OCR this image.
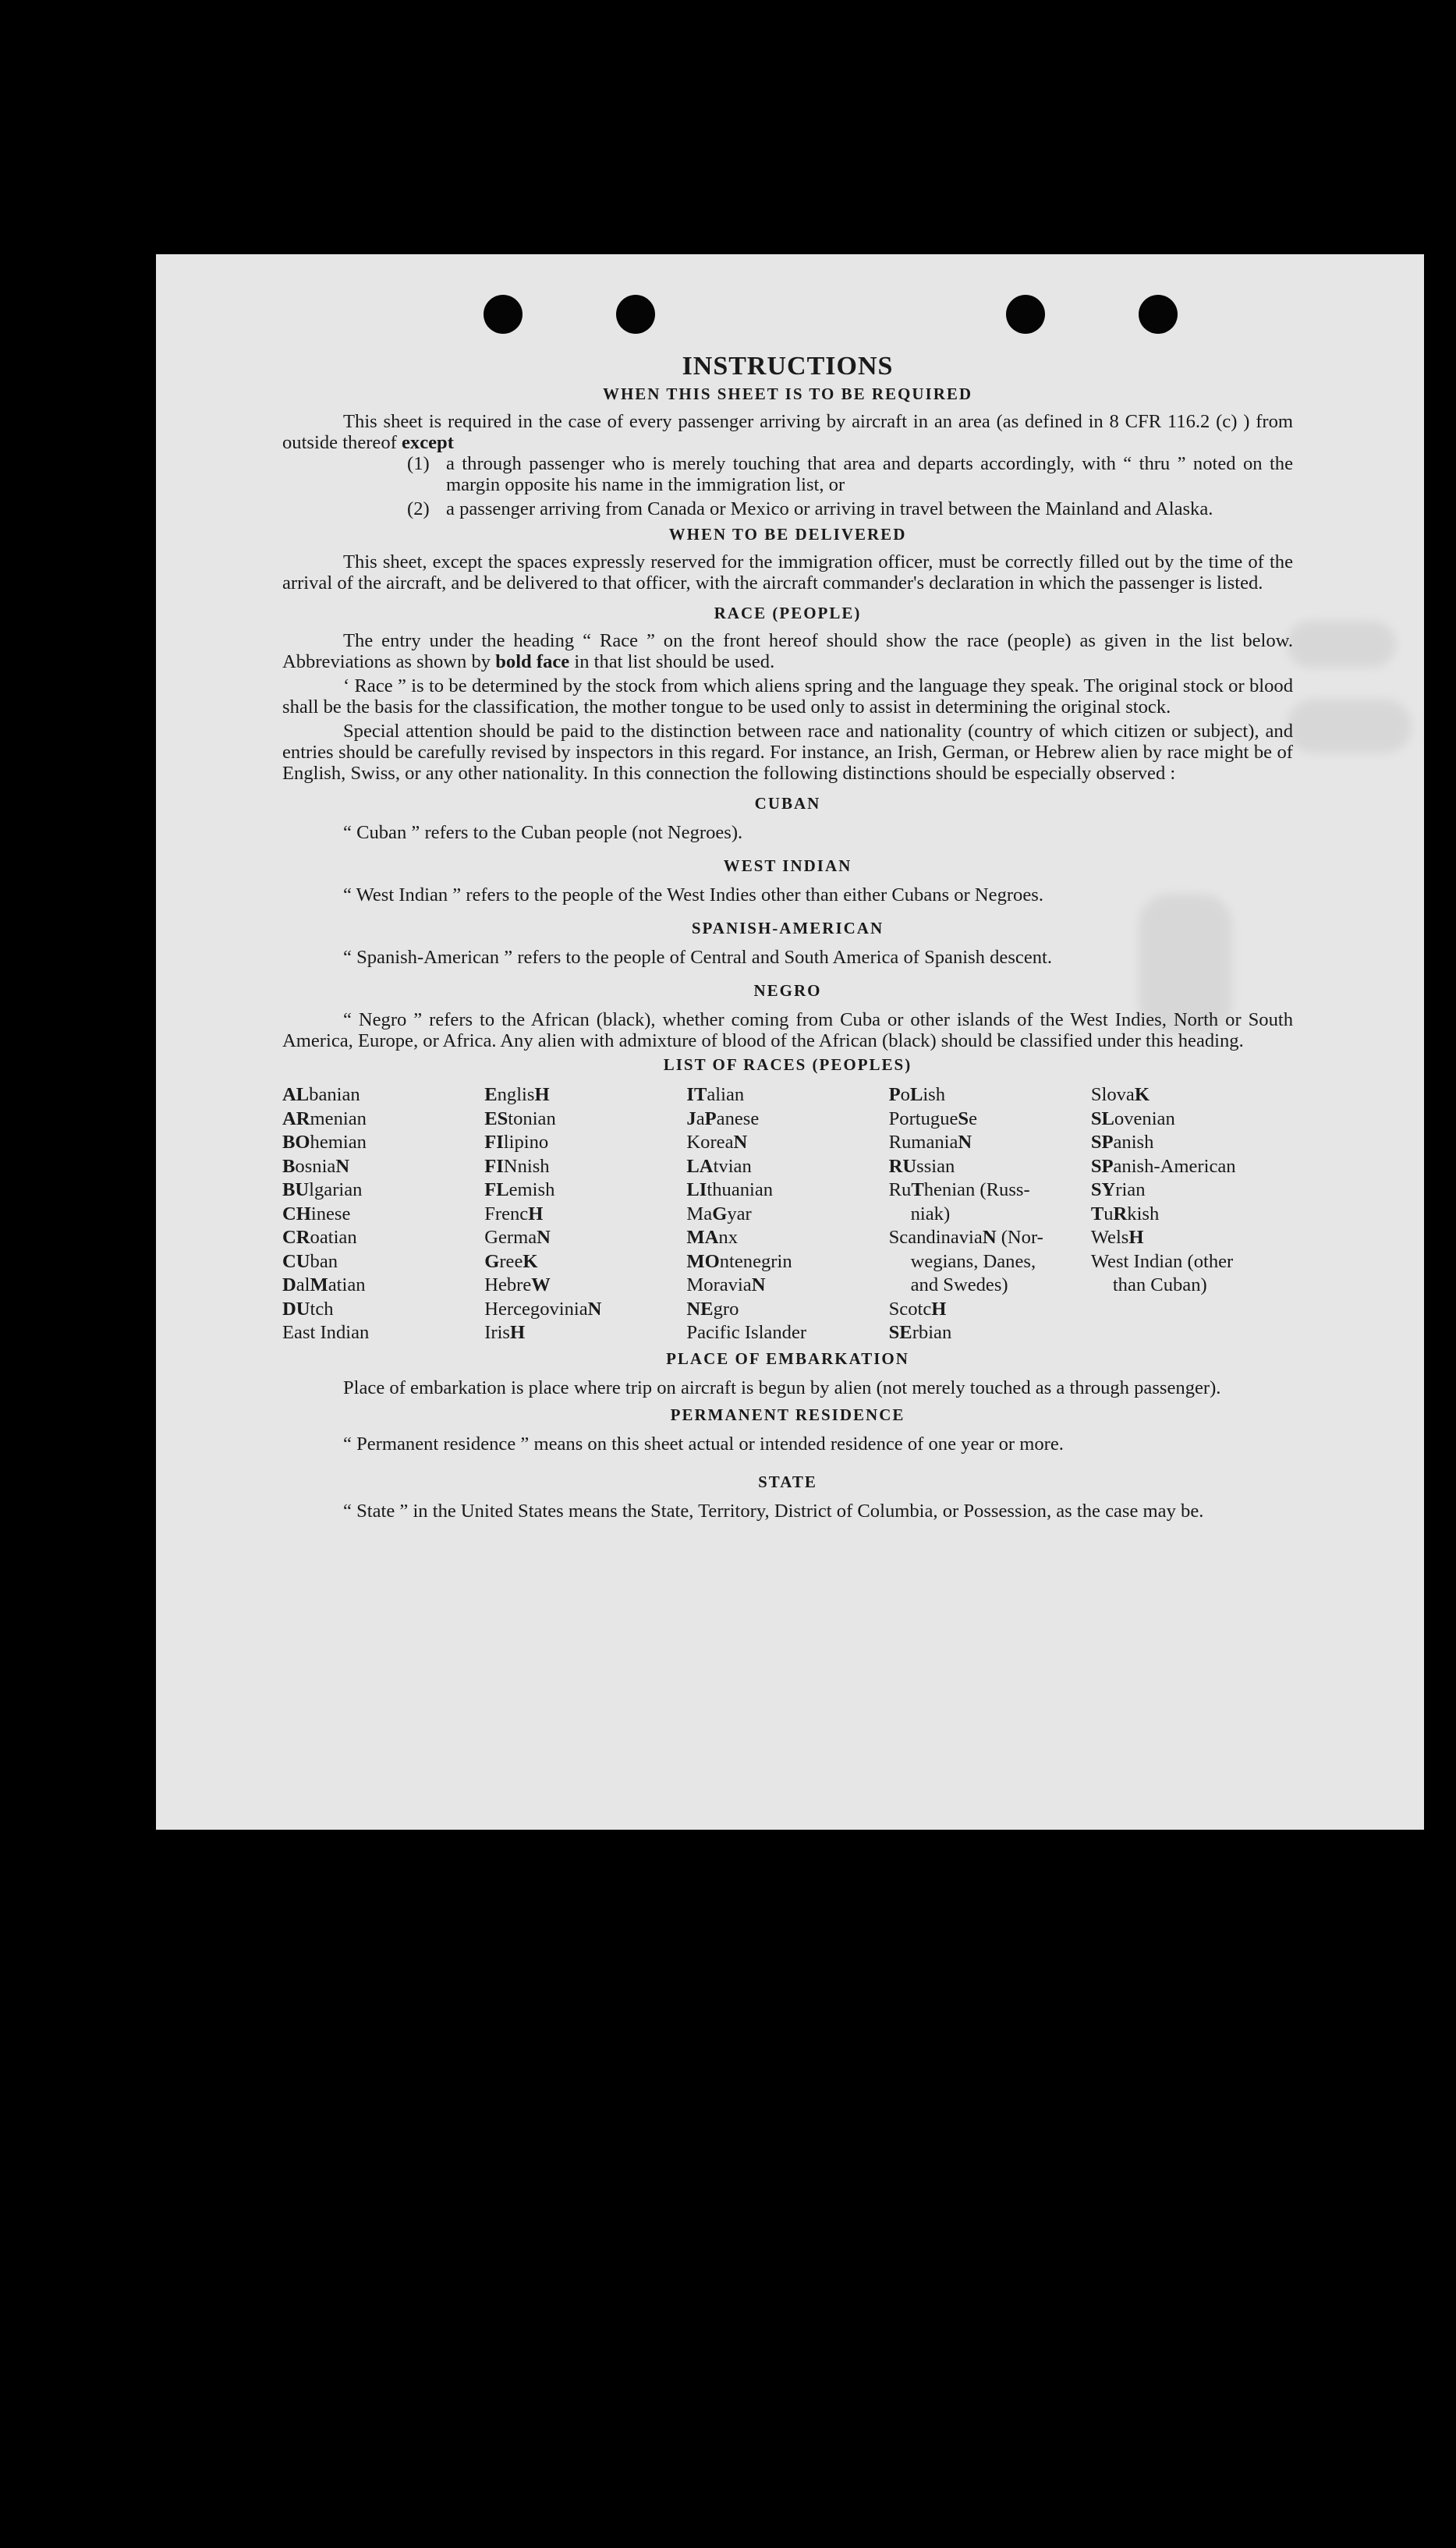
INSTRUCTIONS
WHEN THIS SHEET IS TO BE REQUIRED

This sheet is required in the case of every passenger arriving by aircraft in an area (as defined in 8 CFR 116.2 (c) ) from outside thereof except

(1) a through passenger who is merely touching that area and departs accordingly, with “ thru ” noted on the margin opposite his name in the immigration list, or
(2) a passenger arriving from Canada or Mexico or arriving in travel between the Mainland and Alaska.
WHEN TO BE DELIVERED

This sheet, except the spaces expressly reserved for the immigration officer, must be correctly filled out by the time of the arrival of the aircraft, and be delivered to that officer, with the aircraft commander's declaration in which the passenger is listed.

RACE (PEOPLE)

The entry under the heading “ Race ” on the front hereof should show the race (people) as given in the list below. Abbreviations as shown by bold face in that list should be used.

‘ Race ” is to be determined by the stock from which aliens spring and the language they speak. The original stock or blood shall be the basis for the classification, the mother tongue to be used only to assist in determining the original stock.

Special attention should be paid to the distinction between race and nationality (country of which citizen or subject), and entries should be carefully revised by inspectors in this regard. For instance, an Irish, German, or Hebrew alien by race might be of English, Swiss, or any other nationality. In this connection the following distinctions should be especially observed :

CUBAN

“ Cuban ” refers to the Cuban people (not Negroes).

WEST INDIAN

“ West Indian ” refers to the people of the West Indies other than either Cubans or Negroes.

SPANISH-AMERICAN

“ Spanish-American ” refers to the people of Central and South America of Spanish descent.

NEGRO

“ Negro ” refers to the African (black), whether coming from Cuba or other islands of the West Indies, North or South America, Europe, or Africa. Any alien with admixture of blood of the African (black) should be classified under this heading.

LIST OF RACES (PEOPLES)
ALbanian
ARmenian
BOhemian
BosniaN
BUlgarian
CHinese
CRoatian
CUban
DalMatian
DUtch
East Indian
EnglisH
EStonian
FIlipino
FINnish
FLemish
FrencH
GermaN
GreeK
HebreW
HercegoviniaN
IrisH
ITalian
JaPanese
KoreaN
LAtvian
LIthuanian
MaGyar
MAnx
MOntenegrin
MoraviaN
NEgro
Pacific Islander
PoLish
PortugueSe
RumaniaN
RUssian
RuThenian (Russ-
niak)
ScandinaviaN (Nor-
wegians, Danes,
and Swedes)
ScotcH
SErbian
SlovaK
SLovenian
SPanish
SPanish-American
SYrian
TuRkish
WelsH
West Indian (other
than Cuban)
PLACE OF EMBARKATION

Place of embarkation is place where trip on aircraft is begun by alien (not merely touched as a through passenger).

PERMANENT RESIDENCE

“ Permanent residence ” means on this sheet actual or intended residence of one year or more.

STATE

“ State ” in the United States means the State, Territory, District of Columbia, or Possession, as the case may be.
